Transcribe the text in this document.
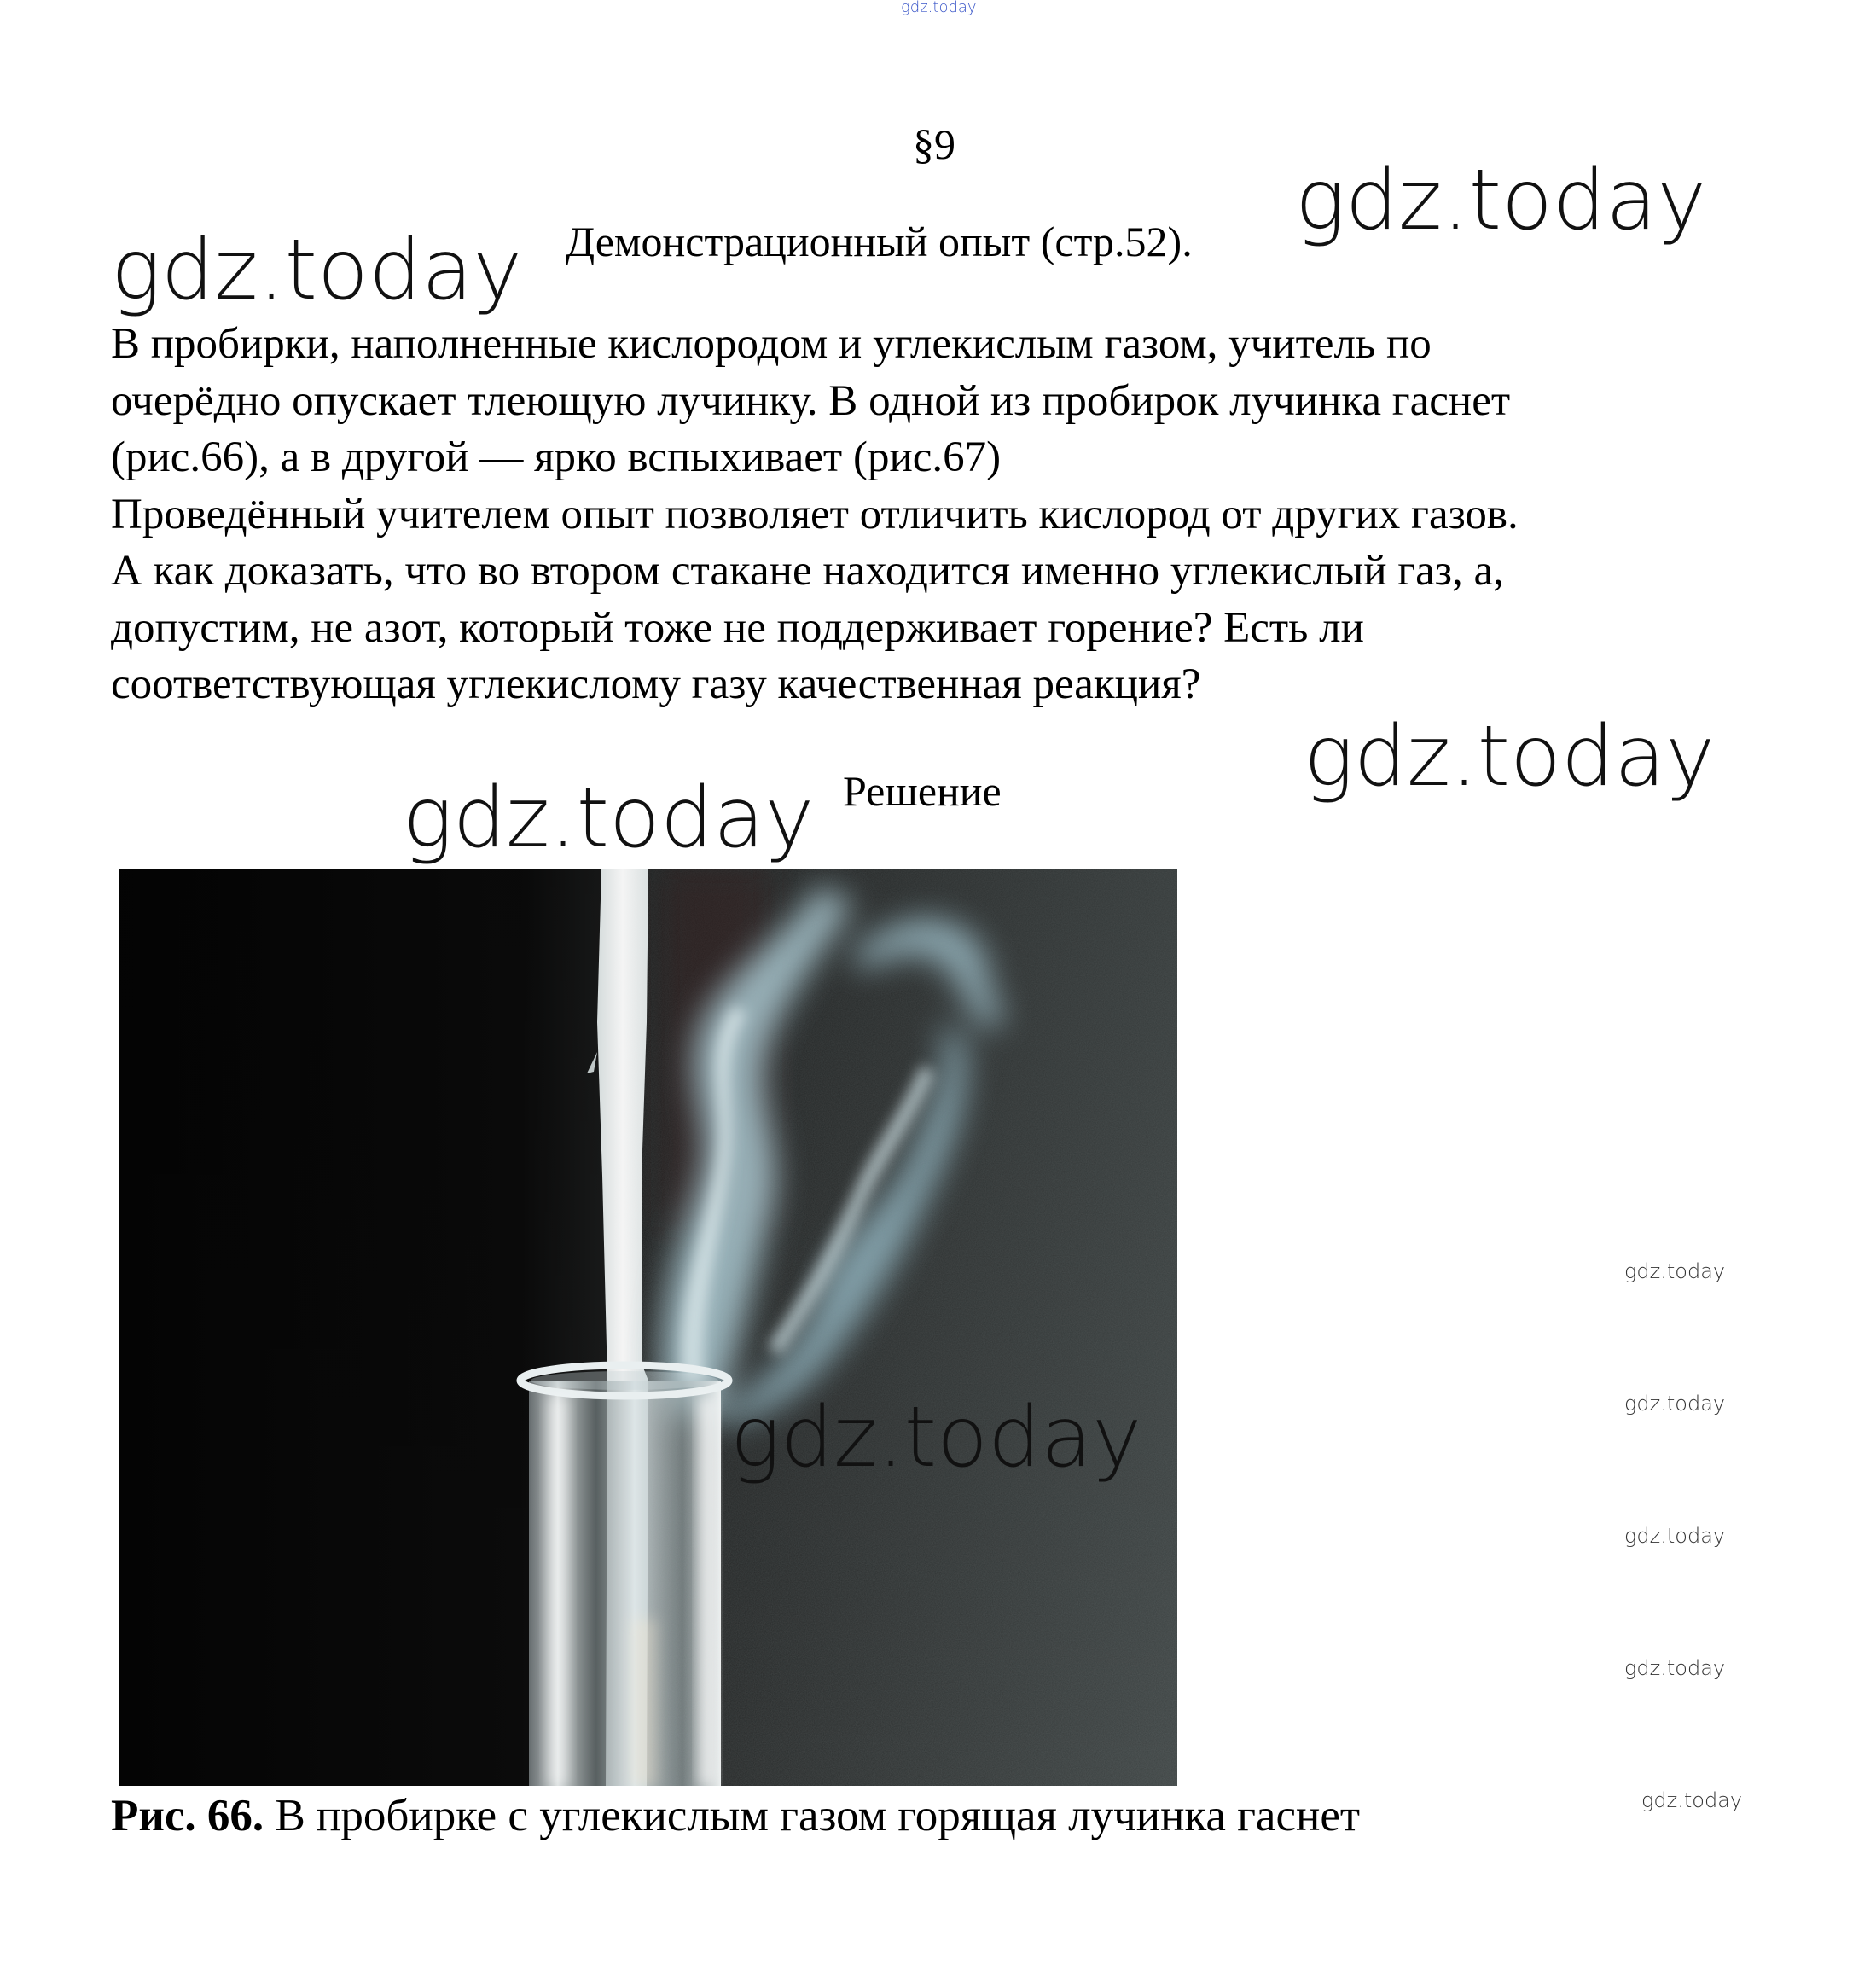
gdz.today
gdz.today
gdz.today
gdz.today
gdz.today
§9
Демонстрационный опыт (стр.52).

В пробирки, наполненные кислородом и углекислым газом, учитель по

очерёдно опускает тлеющую лучинку. В одной из пробирок лучинка гаснет

(рис.66), а в другой — ярко вспыхивает (рис.67)

Проведённый учителем опыт позволяет отличить кислород от других газов.

А как доказать, что во втором стакане находится именно углекислый газ, а,

допустим, не азот, который тоже не поддерживает горение? Есть ли

соответствующая углекислому газу качественная реакция?

Решение
gdz.today
gdz.today
gdz.today
gdz.today
gdz.today
gdz.today
Рис. 66. В пробирке с углекислым газом горящая лучинка гаснет
